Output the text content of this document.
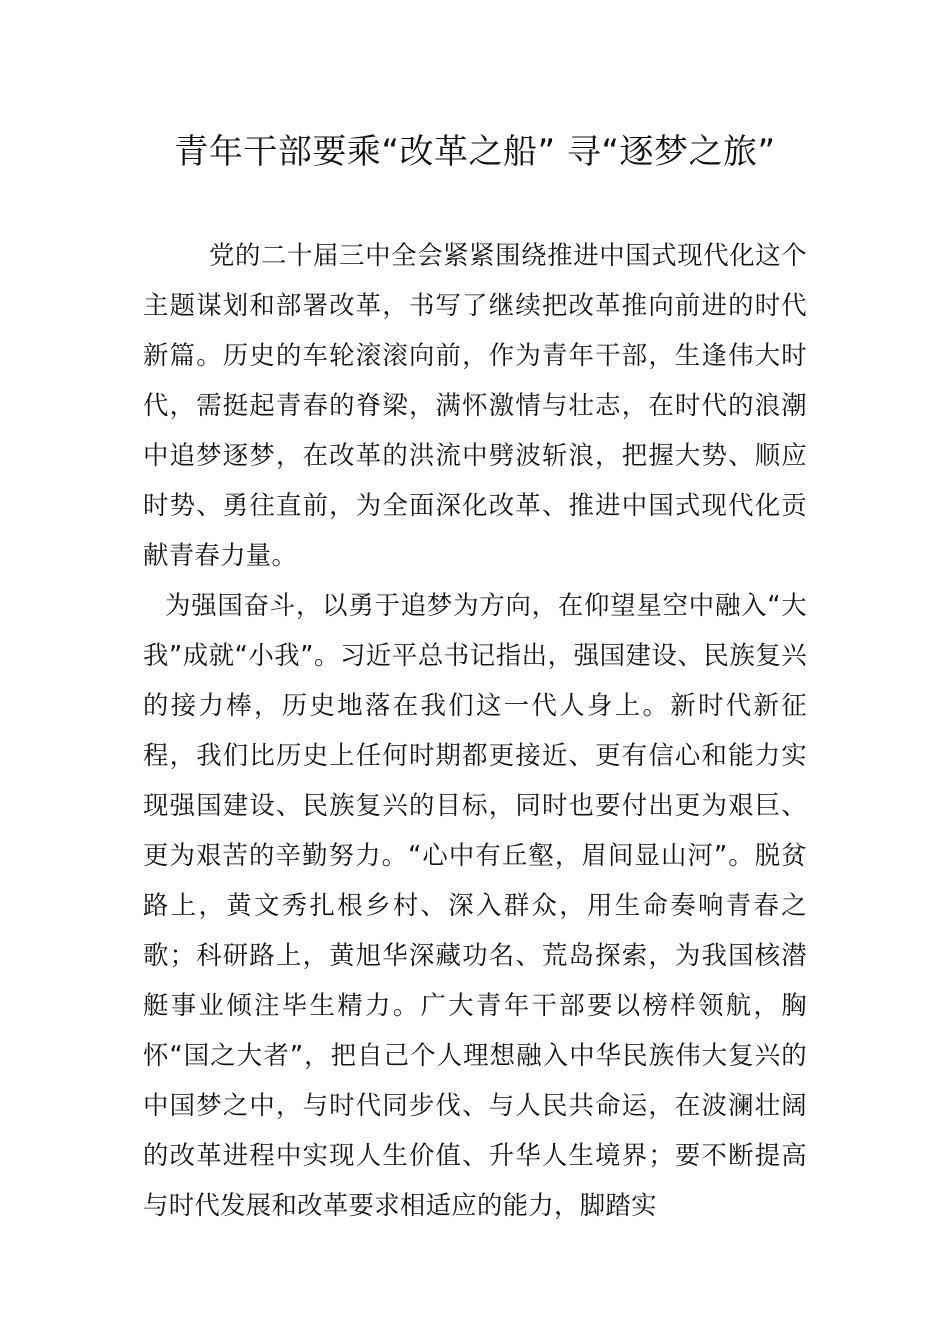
青年干部要乘“改革之船” 寻“逐梦之旅”

党的二十届三中全会紧紧围绕推进中国式现代化这个主题谋划和部署改革，书写了继续把改革推向前进的时代新篇。历史的车轮滚滚向前，作为青年干部，生逢伟大时代，需挺起青春的脊梁，满怀激情与壮志，在时代的浪潮中追梦逐梦，在改革的洪流中劈波斩浪，把握大势、顺应时势、勇往直前，为全面深化改革、推进中国式现代化贡献青春力量。

为强国奋斗，以勇于追梦为方向，在仰望星空中融入“大我”成就“小我”。习近平总书记指出，强国建设、民族复兴的接力棒，历史地落在我们这一代人身上。新时代新征程，我们比历史上任何时期都更接近、更有信心和能力实现强国建设、民族复兴的目标，同时也要付出更为艰巨、更为艰苦的辛勤努力。“心中有丘壑，眉间显山河”。脱贫路上，黄文秀扎根乡村、深入群众，用生命奏响青春之歌；科研路上，黄旭华深藏功名、荒岛探索，为我国核潜艇事业倾注毕生精力。广大青年干部要以榜样领航，胸怀“国之大者”，把自己个人理想融入中华民族伟大复兴的中国梦之中，与时代同步伐、与人民共命运，在波澜壮阔的改革进程中实现人生价值、升华人生境界；要不断提高与时代发展和改革要求相适应的能力，脚踏实
